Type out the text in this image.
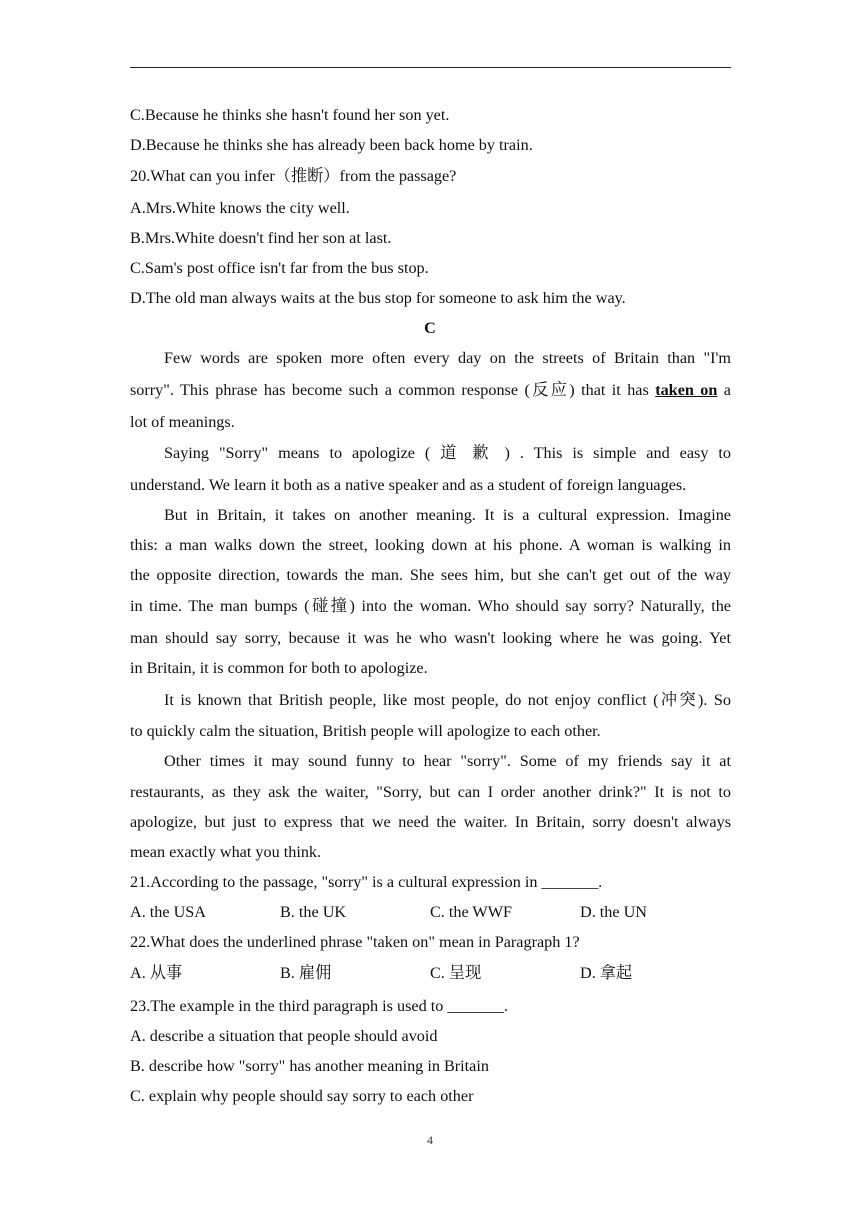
C.Because he thinks she hasn't found her son yet.
D.Because he thinks she has already been back home by train.
20.What can you infer（推断）from the passage?
A.Mrs.White knows the city well.
B.Mrs.White doesn't find her son at last.
C.Sam's post office isn't far from the bus stop.
D.The old man always waits at the bus stop for someone to ask him the way.
C
Few words are spoken more often every day on the streets of Britain than "I'm
sorry". This phrase has become such a common response (反应) that it has taken on a
lot of meanings.
Saying "Sorry" means to apologize ( 道 歉 ) . This is simple and easy to
understand. We learn it both as a native speaker and as a student of foreign languages.
But in Britain, it takes on another meaning. It is a cultural expression. Imagine
this: a man walks down the street, looking down at his phone. A woman is walking in
the opposite direction, towards the man. She sees him, but she can't get out of the way
in time. The man bumps (碰撞) into the woman. Who should say sorry? Naturally, the
man should say sorry, because it was he who wasn't looking where he was going. Yet
in Britain, it is common for both to apologize.
It is known that British people, like most people, do not enjoy conflict (冲突). So
to quickly calm the situation, British people will apologize to each other.
Other times it may sound funny to hear "sorry". Some of my friends say it at
restaurants, as they ask the waiter, "Sorry, but can I order another drink?" It is not to
apologize, but just to express that we need the waiter. In Britain, sorry doesn't always
mean exactly what you think.
21.According to the passage, "sorry" is a cultural expression in _______.
A. the USA	B. the UK	C. the WWF	D. the UN
22.What does the underlined phrase "taken on" mean in Paragraph 1?
A. 从事	B. 雇佣	C. 呈现	D. 拿起
23.The example in the third paragraph is used to _______.
A. describe a situation that people should avoid
B. describe how "sorry" has another meaning in Britain
C. explain why people should say sorry to each other
4
